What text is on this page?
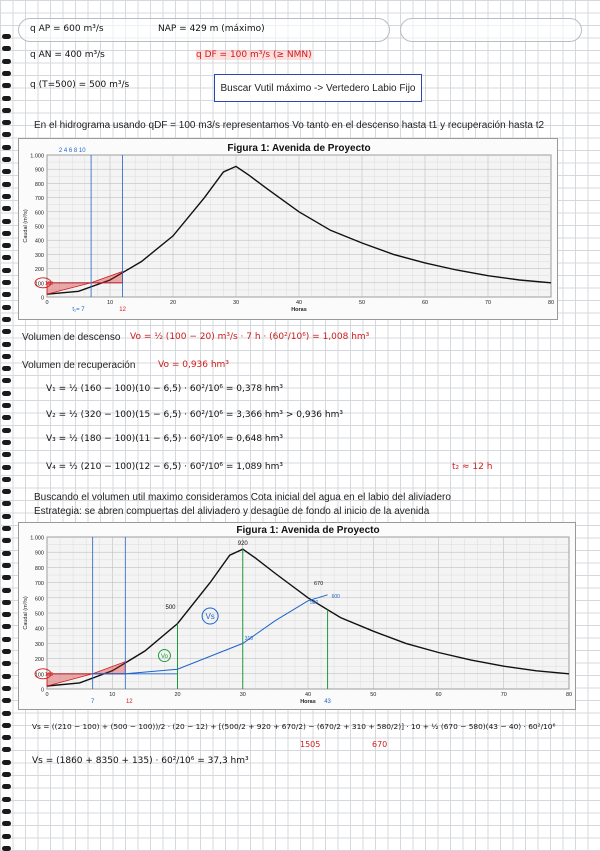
q AP = 600 m³/s	NAP = 429 m (máximo)
q AN = 400 m³/s	q DF = 100 m³/s (≥ NMN)
q (T=500) = 500 m³/s	Buscar Vutil máximo -> Vertedero Labio Fijo
En el hidrograma usando qDF = 100 m3/s representamos Vo tanto en el descenso hasta t1 y recuperación hasta t2
Figura 1: Avenida de Proyecto
1.000
900
800
700
600
500
400
300
200
100
0
0	10	20	30	40	50	60	70	80
Horas
Caudal (m³/s)
100
2 4 6 8 10
t₁= 7	12
Volumen de descenso Vo = ½ (100 − 20) m³/s · 7 h · (60²/10⁶) = 1,008 hm³
Volumen de recuperación	Vo = 0,936 hm³
V₁ = ½ (160 − 100)(10 − 6,5) · 60²/10⁶ = 0,378 hm³
V₂ = ½ (320 − 100)(15 − 6,5) · 60²/10⁶ = 3,366 hm³ > 0,936 hm³
V₃ = ½ (180 − 100)(11 − 6,5) · 60²/10⁶ = 0,648 hm³
V₄ = ½ (210 − 100)(12 − 6,5) · 60²/10⁶ = 1,089 hm³	t₂ ≈ 12 h
Buscando el volumen util maximo consideramos Cota inicial del agua en el labio del aliviadero
Estrategia: se abren compuertas del aliviadero y desagüe de fondo al inicio de la avenida
Figura 1: Avenida de Proyecto
1.000
900
800
700
600
500
400
300
200
100
0
0	10	20	30	40	50	60	70	80
Horas
Caudal (m³/s)
920
670
600
580
500
310
100
Vs
Vo
7	12	43
Vs = ((210 − 100) + (500 − 100))/2 · (20 − 12) + [(500/2 + 920 + 670/2) − (670/2 + 310 + 580/2)] · 10 + ½ (670 − 580)(43 − 40) · 60²/10⁶
1505	670
Vs = (1860 + 8350 + 135) · 60²/10⁶ = 37,3 hm³
